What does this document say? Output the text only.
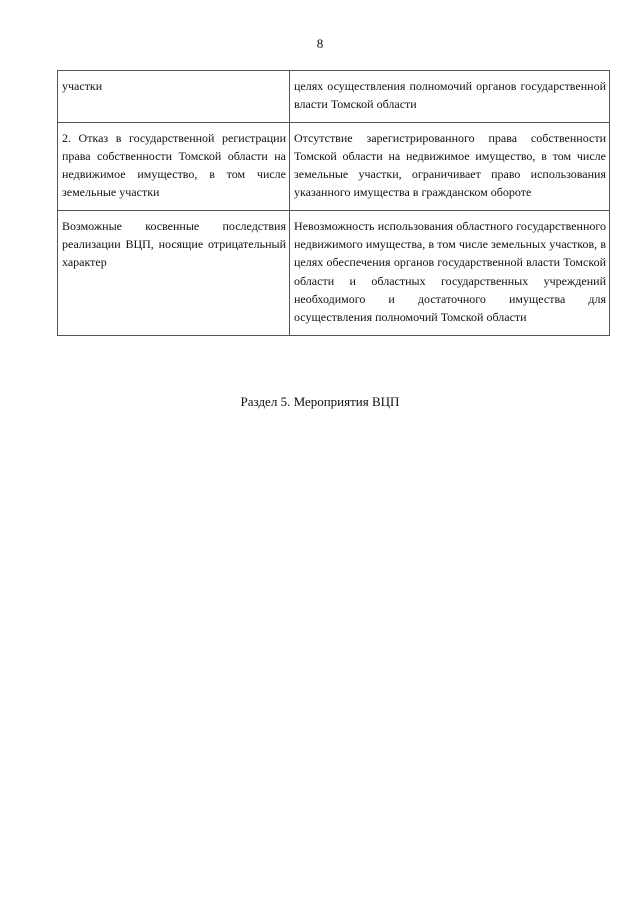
8
участки	целях осуществления полномочий органов государственной власти Томской области

2. Отказ в государственной регистрации права собственности Томской области на недвижимое имущество, в том числе земельные участки	Отсутствие зарегистрированного права собственности Томской области на недвижимое имущество, в том числе земельные участки, ограничивает право использования указанного имущества в гражданском обороте

Возможные косвенные последствия реализации ВЦП, носящие отрицательный характер	Невозможность использования областного государственного недвижимого имущества, в том числе земельных участков, в целях обеспечения органов государственной власти Томской области и областных государственных учреждений необходимого и достаточного имущества для осуществления полномочий Томской области
Раздел 5. Мероприятия ВЦП
